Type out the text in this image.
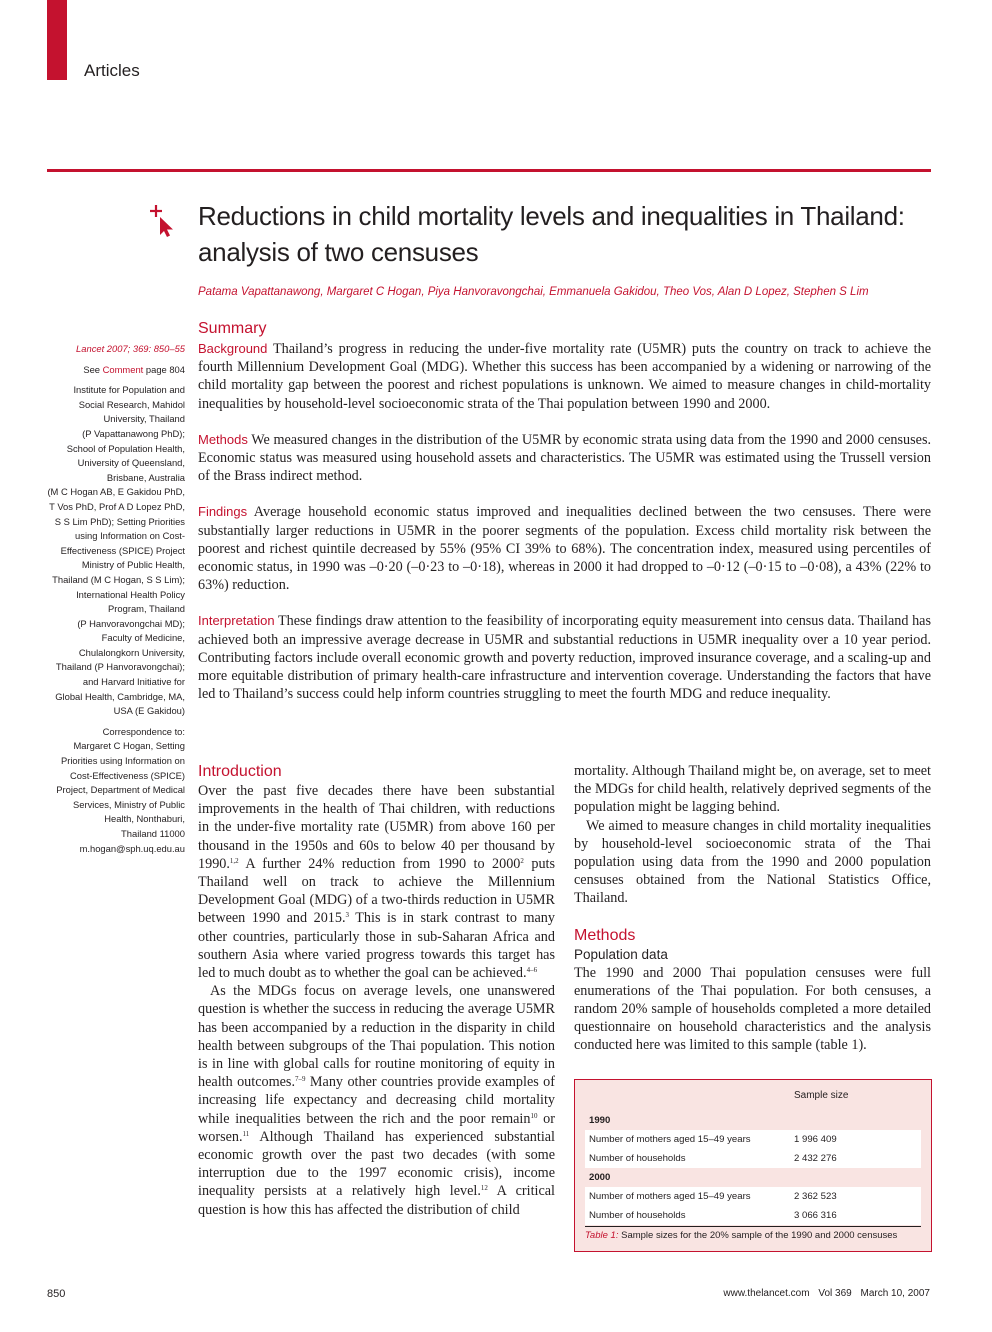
Articles
Reductions in child mortality levels and inequalities in Thailand: analysis of two censuses
Patama Vapattanawong, Margaret C Hogan, Piya Hanvoravongchai, Emmanuela Gakidou, Theo Vos, Alan D Lopez, Stephen S Lim

Lancet 2007; 369: 850–55

See Comment page 804

Institute for Population and

Social Research, Mahidol

University, Thailand

(P Vapattanawong PhD);

School of Population Health,

University of Queensland,

Brisbane, Australia

(M C Hogan AB, E Gakidou PhD,

T Vos PhD, Prof A D Lopez PhD,

S S Lim PhD); Setting Priorities

using Information on Cost-

Effectiveness (SPICE) Project

Ministry of Public Health,

Thailand (M C Hogan, S S Lim);

International Health Policy

Program, Thailand

(P Hanvoravongchai MD);

Faculty of Medicine,

Chulalongkorn University,

Thailand (P Hanvoravongchai);

and Harvard Initiative for

Global Health, Cambridge, MA,

USA (E Gakidou)

Correspondence to:

Margaret C Hogan, Setting

Priorities using Information on

Cost-Effectiveness (SPICE)

Project, Department of Medical

Services, Ministry of Public

Health, Nonthaburi,

Thailand 11000

m.hogan@sph.uq.edu.au

Summary

Background Thailand’s progress in reducing the under-five mortality rate (U5MR) puts the country on track to achieve the fourth Millennium Development Goal (MDG). Whether this success has been accompanied by a widening or narrowing of the child mortality gap between the poorest and richest populations is unknown. We aimed to measure changes in child-mortality inequalities by household-level socioeconomic strata of the Thai population between 1990 and 2000.

Methods We measured changes in the distribution of the U5MR by economic strata using data from the 1990 and 2000 censuses. Economic status was measured using household assets and characteristics. The U5MR was estimated using the Trussell version of the Brass indirect method.

Findings Average household economic status improved and inequalities declined between the two censuses. There were substantially larger reductions in U5MR in the poorer segments of the population. Excess child mortality risk between the poorest and richest quintile decreased by 55% (95% CI 39% to 68%). The concentration index, measured using percentiles of economic status, in 1990 was –0·20 (–0·23 to –0·18), whereas in 2000 it had dropped to –0·12 (–0·15 to –0·08), a 43% (22% to 63%) reduction.

Interpretation These findings draw attention to the feasibility of incorporating equity measurement into census data. Thailand has achieved both an impressive average decrease in U5MR and substantial reductions in U5MR inequality over a 10 year period. Contributing factors include overall economic growth and poverty reduction, improved insurance coverage, and a scaling-up and more equitable distribution of primary health-care infrastructure and intervention coverage. Understanding the factors that have led to Thailand’s success could help inform countries struggling to meet the fourth MDG and reduce inequality.

Introduction

Over the past five decades there have been substantial improvements in the health of Thai children, with reductions in the under-five mortality rate (U5MR) from above 160 per thousand in the 1950s and 60s to below 40 per thousand by 1990.$^{1,2}$ A further 24% reduction from 1990 to 2000$^2$ puts Thailand well on track to achieve the Millennium Development Goal (MDG) of a two-thirds reduction in U5MR between 1990 and 2015.$^3$ This is in stark contrast to many other countries, particularly those in sub-Saharan Africa and southern Asia where varied progress towards this target has led to much doubt as to whether the goal can be achieved.$^{4-6}$

As the MDGs focus on average levels, one unanswered question is whether the success in reducing the average U5MR has been accompanied by a reduction in the disparity in child health between subgroups of the Thai population. This notion is in line with global calls for routine monitoring of equity in health outcomes.$^{7-9}$ Many other countries provide examples of increasing life expectancy and decreasing child mortality while inequalities between the rich and the poor remain$^{10}$ or worsen.$^{11}$ Although Thailand has experienced substantial economic growth over the past two decades (with some interruption due to the 1997 economic crisis), income inequality persists at a relatively high level.$^{12}$ A critical question is how this has affected the distribution of child

mortality. Although Thailand might be, on average, set to meet the MDGs for child health, relatively deprived segments of the population might be lagging behind.

We aimed to measure changes in child mortality inequalities by household-level socioeconomic strata of the Thai population using data from the 1990 and 2000 population censuses obtained from the National Statistics Office, Thailand.

Methods
Population data

The 1990 and 2000 Thai population censuses were full enumerations of the Thai population. For both censuses, a random 20% sample of households completed a more detailed questionnaire on household characteristics and the analysis conducted here was limited to this sample (table 1).

Sample size
1990
Number of mothers aged 15–49 years	1 996 409
Number of households	2 432 276
2000
Number of mothers aged 15–49 years	2 362 523
Number of households	3 066 316
Table 1: Sample sizes for the 20% sample of the 1990 and 2000 censuses
850	www.thelancet.com Vol 369 March 10, 2007
